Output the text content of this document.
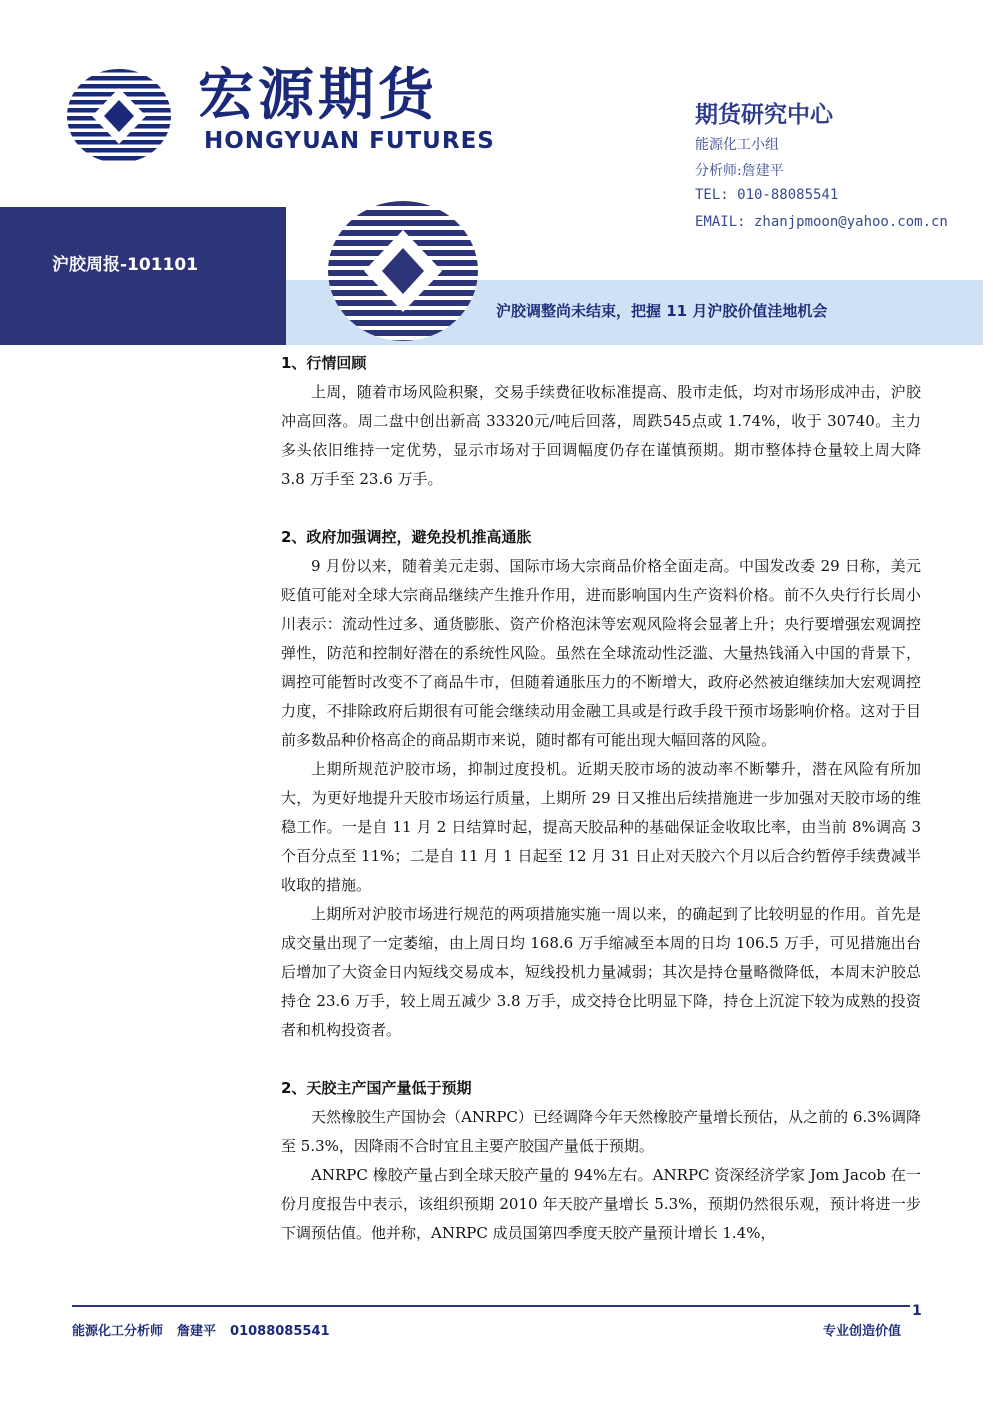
宏源期货
HONGYUAN FUTURES
期货研究中心
能源化工小组
分析师:詹建平
TEL: 010-88085541
EMAIL: zhanjpmoon@yahoo.com.cn
沪胶周报-101101
沪胶调整尚未结束，把握 11 月沪胶价值洼地机会
1、行情回顾

上周，随着市场风险积聚，交易手续费征收标准提高、股市走低，均对市场形成冲击，沪胶冲高回落。周二盘中创出新高 33320元/吨后回落，周跌545点或 1.74%，收于 30740。主力多头依旧维持一定优势，显示市场对于回调幅度仍存在谨慎预期。期市整体持仓量较上周大降 3.8 万手至 23.6 万手。

2、政府加强调控，避免投机推高通胀

9 月份以来，随着美元走弱、国际市场大宗商品价格全面走高。中国发改委 29 日称，美元贬值可能对全球大宗商品继续产生推升作用，进而影响国内生产资料价格。前不久央行行长周小川表示：流动性过多、通货膨胀、资产价格泡沫等宏观风险将会显著上升；央行要增强宏观调控弹性，防范和控制好潜在的系统性风险。虽然在全球流动性泛滥、大量热钱涌入中国的背景下，调控可能暂时改变不了商品牛市，但随着通胀压力的不断增大，政府必然被迫继续加大宏观调控力度，不排除政府后期很有可能会继续动用金融工具或是行政手段干预市场影响价格。这对于目前多数品种价格高企的商品期市来说，随时都有可能出现大幅回落的风险。

上期所规范沪胶市场，抑制过度投机。近期天胶市场的波动率不断攀升，潜在风险有所加大，为更好地提升天胶市场运行质量，上期所 29 日又推出后续措施进一步加强对天胶市场的维稳工作。一是自 11 月 2 日结算时起，提高天胶品种的基础保证金收取比率，由当前 8%调高 3 个百分点至 11%；二是自 11 月 1 日起至 12 月 31 日止对天胶六个月以后合约暂停手续费减半收取的措施。

上期所对沪胶市场进行规范的两项措施实施一周以来，的确起到了比较明显的作用。首先是成交量出现了一定萎缩，由上周日均 168.6 万手缩减至本周的日均 106.5 万手，可见措施出台后增加了大资金日内短线交易成本，短线投机力量减弱；其次是持仓量略微降低，本周末沪胶总持仓 23.6 万手，较上周五减少 3.8 万手，成交持仓比明显下降，持仓上沉淀下较为成熟的投资者和机构投资者。

2、天胶主产国产量低于预期

天然橡胶生产国协会（ANRPC）已经调降今年天然橡胶产量增长预估，从之前的 6.3%调降至 5.3%，因降雨不合时宜且主要产胶国产量低于预期。

ANRPC 橡胶产量占到全球天胶产量的 94%左右。ANRPC 资深经济学家 Jom Jacob 在一份月度报告中表示，该组织预期 2010 年天胶产量增长 5.3%，预期仍然很乐观，预计将进一步下调预估值。他并称，ANRPC 成员国第四季度天胶产量预计增长 1.4%，

1
能源化工分析师 詹建平 01088085541	专业创造价值
